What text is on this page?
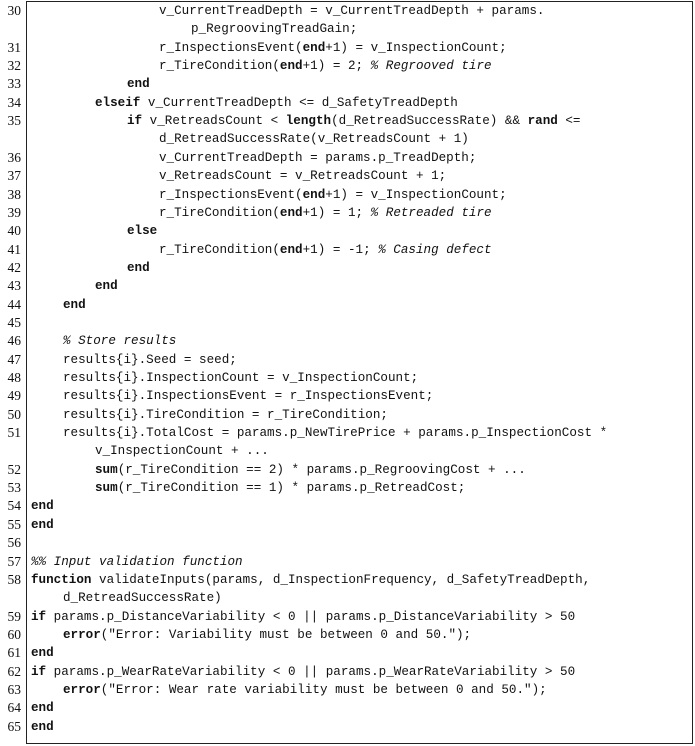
30	v_CurrentTreadDepth = v_CurrentTreadDepth + params.
p_RegroovingTreadGain;
31	r_InspectionsEvent(end+1) = v_InspectionCount;
32	r_TireCondition(end+1) = 2; % Regrooved tire
33	end
34	elseif v_CurrentTreadDepth <= d_SafetyTreadDepth
35	if v_RetreadsCount < length(d_RetreadSuccessRate) && rand <=
d_RetreadSuccessRate(v_RetreadsCount + 1)
36	v_CurrentTreadDepth = params.p_TreadDepth;
37	v_RetreadsCount = v_RetreadsCount + 1;
38	r_InspectionsEvent(end+1) = v_InspectionCount;
39	r_TireCondition(end+1) = 1; % Retreaded tire
40	else
41	r_TireCondition(end+1) = -1; % Casing defect
42	end
43	end
44	end
45
46	% Store results
47	results{i}.Seed = seed;
48	results{i}.InspectionCount = v_InspectionCount;
49	results{i}.InspectionsEvent = r_InspectionsEvent;
50	results{i}.TireCondition = r_TireCondition;
51	results{i}.TotalCost = params.p_NewTirePrice + params.p_InspectionCost *
v_InspectionCount + ...
52	sum(r_TireCondition == 2) * params.p_RegroovingCost + ...
53	sum(r_TireCondition == 1) * params.p_RetreadCost;
54 end
55 end
56
57 %% Input validation function
58 function validateInputs(params, d_InspectionFrequency, d_SafetyTreadDepth,
d_RetreadSuccessRate)
59 if params.p_DistanceVariability < 0 || params.p_DistanceVariability > 50
60	error("Error: Variability must be between 0 and 50.");
61 end
62 if params.p_WearRateVariability < 0 || params.p_WearRateVariability > 50
63	error("Error: Wear rate variability must be between 0 and 50.");
64 end
65 end
